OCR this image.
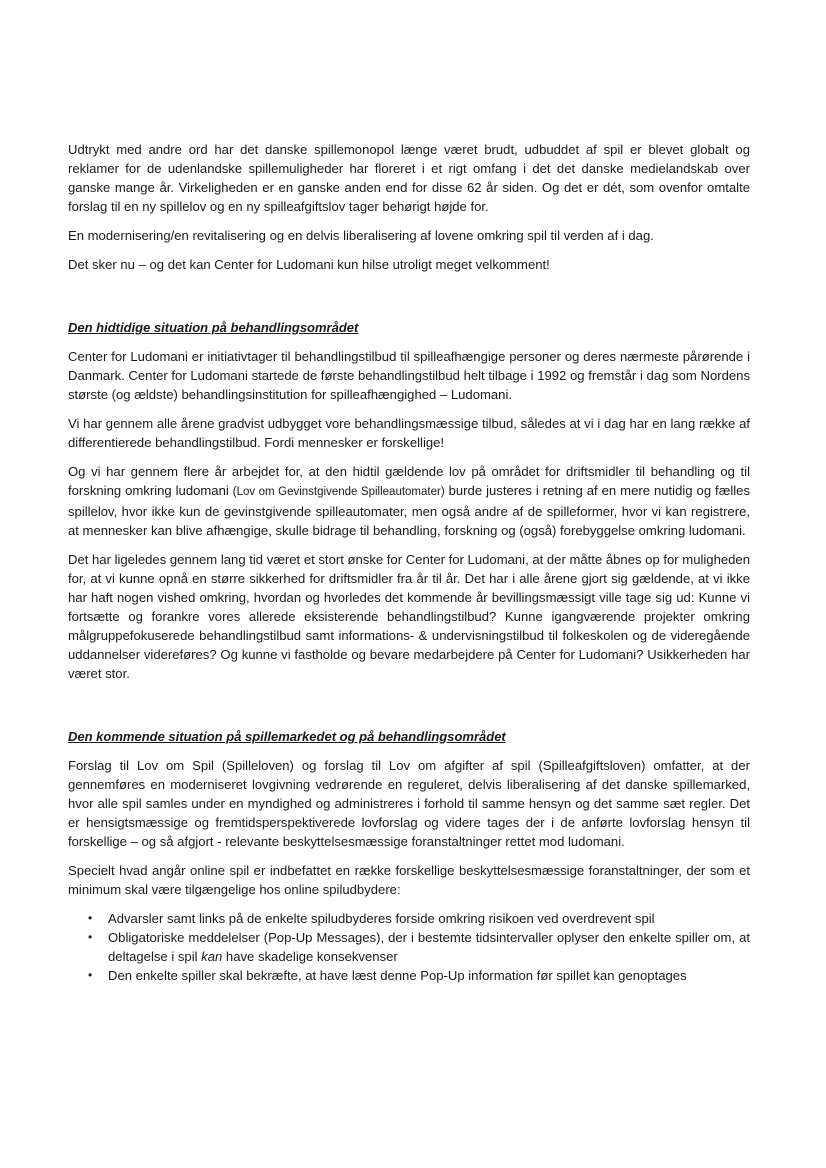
Udtrykt med andre ord har det danske spillemonopol længe været brudt, udbuddet af spil er blevet globalt og reklamer for de udenlandske spillemuligheder har floreret i et rigt omfang i det det danske medielandskab over ganske mange år. Virkeligheden er en ganske anden end for disse 62 år siden. Og det er dét, som ovenfor omtalte forslag til en ny spillelov og en ny spilleafgiftslov tager behørigt højde for.

En modernisering/en revitalisering og en delvis liberalisering af lovene omkring spil til verden af i dag.

Det sker nu – og det kan Center for Ludomani kun hilse utroligt meget velkomment!

Den hidtidige situation på behandlingsområdet

Center for Ludomani er initiativtager til behandlingstilbud til spilleafhængige personer og deres nærmeste pårørende i Danmark. Center for Ludomani startede de første behandlingstilbud helt tilbage i 1992 og fremstår i dag som Nordens største (og ældste) behandlingsinstitution for spilleafhængighed – Ludomani.

Vi har gennem alle årene gradvist udbygget vore behandlingsmæssige tilbud, således at vi i dag har en lang række af differentierede behandlingstilbud. Fordi mennesker er forskellige!

Og vi har gennem flere år arbejdet for, at den hidtil gældende lov på området for driftsmidler til behandling og til forskning omkring ludomani (Lov om Gevinstgivende Spilleautomater) burde justeres i retning af en mere nutidig og fælles spillelov, hvor ikke kun de gevinstgivende spilleautomater, men også andre af de spilleformer, hvor vi kan registrere, at mennesker kan blive afhængige, skulle bidrage til behandling, forskning og (også) forebyggelse omkring ludomani.

Det har ligeledes gennem lang tid været et stort ønske for Center for Ludomani, at der måtte åbnes op for muligheden for, at vi kunne opnå en større sikkerhed for driftsmidler fra år til år. Det har i alle årene gjort sig gældende, at vi ikke har haft nogen vished omkring, hvordan og hvorledes det kommende år bevillingsmæssigt ville tage sig ud: Kunne vi fortsætte og forankre vores allerede eksisterende behandlingstilbud? Kunne igangværende projekter omkring målgruppefokuserede behandlingstilbud samt informations- & undervisningstilbud til folkeskolen og de videregående uddannelser videreføres? Og kunne vi fastholde og bevare medarbejdere på Center for Ludomani? Usikkerheden har været stor.

Den kommende situation på spillemarkedet og på behandlingsområdet

Forslag til Lov om Spil (Spilleloven) og forslag til Lov om afgifter af spil (Spilleafgiftsloven) omfatter, at der gennemføres en moderniseret lovgivning vedrørende en reguleret, delvis liberalisering af det danske spillemarked, hvor alle spil samles under en myndighed og administreres i forhold til samme hensyn og det samme sæt regler. Det er hensigtsmæssige og fremtidsperspektiverede lovforslag og videre tages der i de anførte lovforslag hensyn til forskellige – og så afgjort - relevante beskyttelsesmæssige foranstaltninger rettet mod ludomani.

Specielt hvad angår online spil er indbefattet en række forskellige beskyttelsesmæssige foranstaltninger, der som et minimum skal være tilgængelige hos online spiludbydere:

• Advarsler samt links på de enkelte spiludbyderes forside omkring risikoen ved overdrevent spil
• Obligatoriske meddelelser (Pop-Up Messages), der i bestemte tidsintervaller oplyser den enkelte spiller om, at deltagelse i spil kan have skadelige konsekvenser
• Den enkelte spiller skal bekræfte, at have læst denne Pop-Up information før spillet kan genoptages
